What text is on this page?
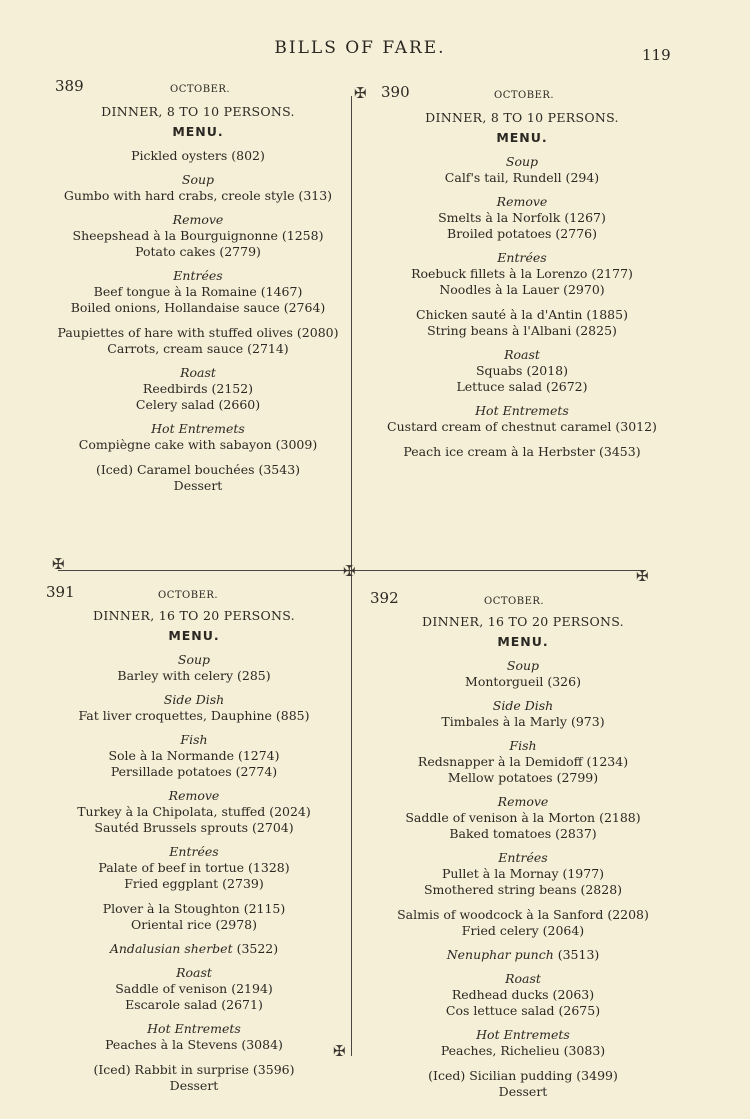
BILLS OF FARE.	119
✠
✠	✠	✠
✠
389	OCTOBER.
DINNER, 8 TO 10 PERSONS.
MENU.
Pickled oysters (802)
Soup
Gumbo with hard crabs, creole style (313)
Remove
Sheepshead à la Bourguignonne (1258)
Potato cakes (2779)
Entrées
Beef tongue à la Romaine (1467)
Boiled onions, Hollandaise sauce (2764)
Paupiettes of hare with stuffed olives (2080)
Carrots, cream sauce (2714)
Roast
Reedbirds (2152)
Celery salad (2660)
Hot Entremets
Compiègne cake with sabayon (3009)
(Iced) Caramel bouchées (3543)
Dessert
390	OCTOBER.
DINNER, 8 TO 10 PERSONS.
MENU.
Soup
Calf's tail, Rundell (294)
Remove
Smelts à la Norfolk (1267)
Broiled potatoes (2776)
Entrées
Roebuck fillets à la Lorenzo (2177)
Noodles à la Lauer (2970)
Chicken sauté à la d'Antin (1885)
String beans à l'Albani (2825)
Roast
Squabs (2018)
Lettuce salad (2672)
Hot Entremets
Custard cream of chestnut caramel (3012)
Peach ice cream à la Herbster (3453)
391	OCTOBER.
DINNER, 16 TO 20 PERSONS.
MENU.
Soup
Barley with celery (285)
Side Dish
Fat liver croquettes, Dauphine (885)
Fish
Sole à la Normande (1274)
Persillade potatoes (2774)
Remove
Turkey à la Chipolata, stuffed (2024)
Sautéd Brussels sprouts (2704)
Entrées
Palate of beef in tortue (1328)
Fried eggplant (2739)
Plover à la Stoughton (2115)
Oriental rice (2978)
Andalusian sherbet (3522)
Roast
Saddle of venison (2194)
Escarole salad (2671)
Hot Entremets
Peaches à la Stevens (3084)
(Iced) Rabbit in surprise (3596)
Dessert
392	OCTOBER.
DINNER, 16 TO 20 PERSONS.
MENU.
Soup
Montorgueil (326)
Side Dish
Timbales à la Marly (973)
Fish
Redsnapper à la Demidoff (1234)
Mellow potatoes (2799)
Remove
Saddle of venison à la Morton (2188)
Baked tomatoes (2837)
Entrées
Pullet à la Mornay (1977)
Smothered string beans (2828)
Salmis of woodcock à la Sanford (2208)
Fried celery (2064)
Nenuphar punch (3513)
Roast
Redhead ducks (2063)
Cos lettuce salad (2675)
Hot Entremets
Peaches, Richelieu (3083)
(Iced) Sicilian pudding (3499)
Dessert
